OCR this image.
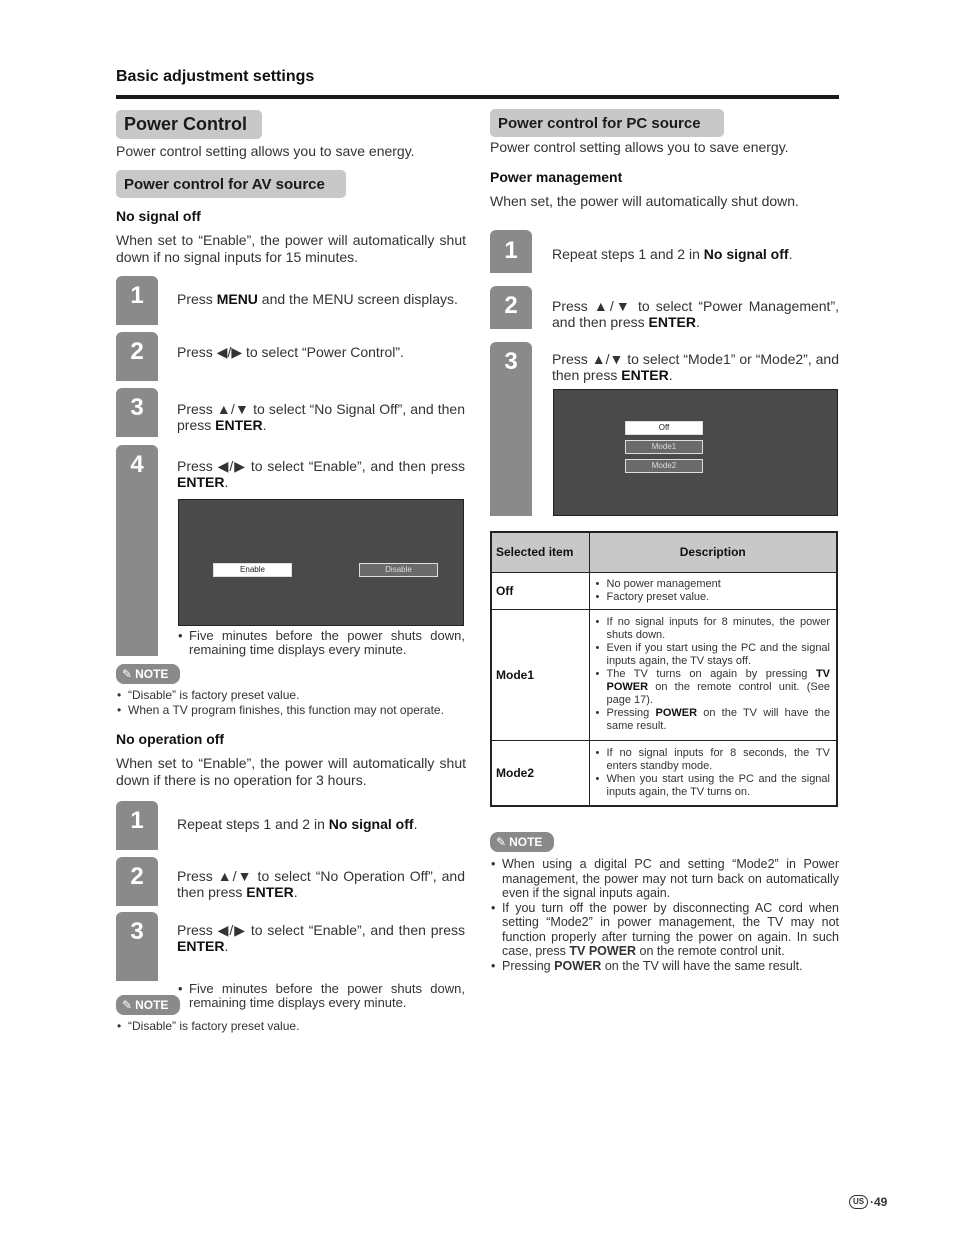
Basic adjustment settings
Power Control
Power control setting allows you to save energy.
Power control for AV source
No signal off
When set to “Enable”, the power will automatically shut down if no signal inputs for 15 minutes.
1	Press MENU and the MENU screen displays.
2	Press ◀/▶ to select “Power Control”.
3	Press ▲/▼ to select “No Signal Off”, and then press ENTER.
4	Press ◀/▶ to select “Enable”, and then press ENTER.
Enable	Disable
• Five minutes before the power shuts down, remaining time displays every minute.
✎ NOTE
• “Disable” is factory preset value.
• When a TV program finishes, this function may not operate.
No operation off
When set to “Enable”, the power will automatically shut down if there is no operation for 3 hours.
1	Repeat steps 1 and 2 in No signal off.
2	Press ▲/▼ to select “No Operation Off”, and then press ENTER.
3	Press ◀/▶ to select “Enable”, and then press ENTER.
• Five minutes before the power shuts down, remaining time displays every minute.
✎ NOTE
• “Disable” is factory preset value.
Power control for PC source
Power control setting allows you to save energy.
Power management
When set, the power will automatically shut down.
1	Repeat steps 1 and 2 in No signal off.
2	Press ▲/▼ to select “Power Management”, and then press ENTER.
3	Press ▲/▼ to select “Mode1” or “Mode2”, and then press ENTER.
Off
Mode1
Mode2
Selected item	Description
Off	• No power management
• Factory preset value.

Mode1	• If no signal inputs for 8 minutes, the power shuts down.
• Even if you start using the PC and the signal inputs again, the TV stays off.
• The TV turns on again by pressing TV POWER on the remote control unit. (See page 17).
• Pressing POWER on the TV will have the same result.

Mode2	• If no signal inputs for 8 seconds, the TV enters standby mode.
• When you start using the PC and the signal inputs again, the TV turns on.
✎ NOTE
• When using a digital PC and setting “Mode2” in Power management, the power may not turn back on automatically even if the signal inputs again.
• If you turn off the power by disconnecting AC cord when setting “Mode2” in power management, the TV may not function properly after turning the power on again. In such case, press TV POWER on the remote control unit.
• Pressing POWER on the TV will have the same result.
US ·49
